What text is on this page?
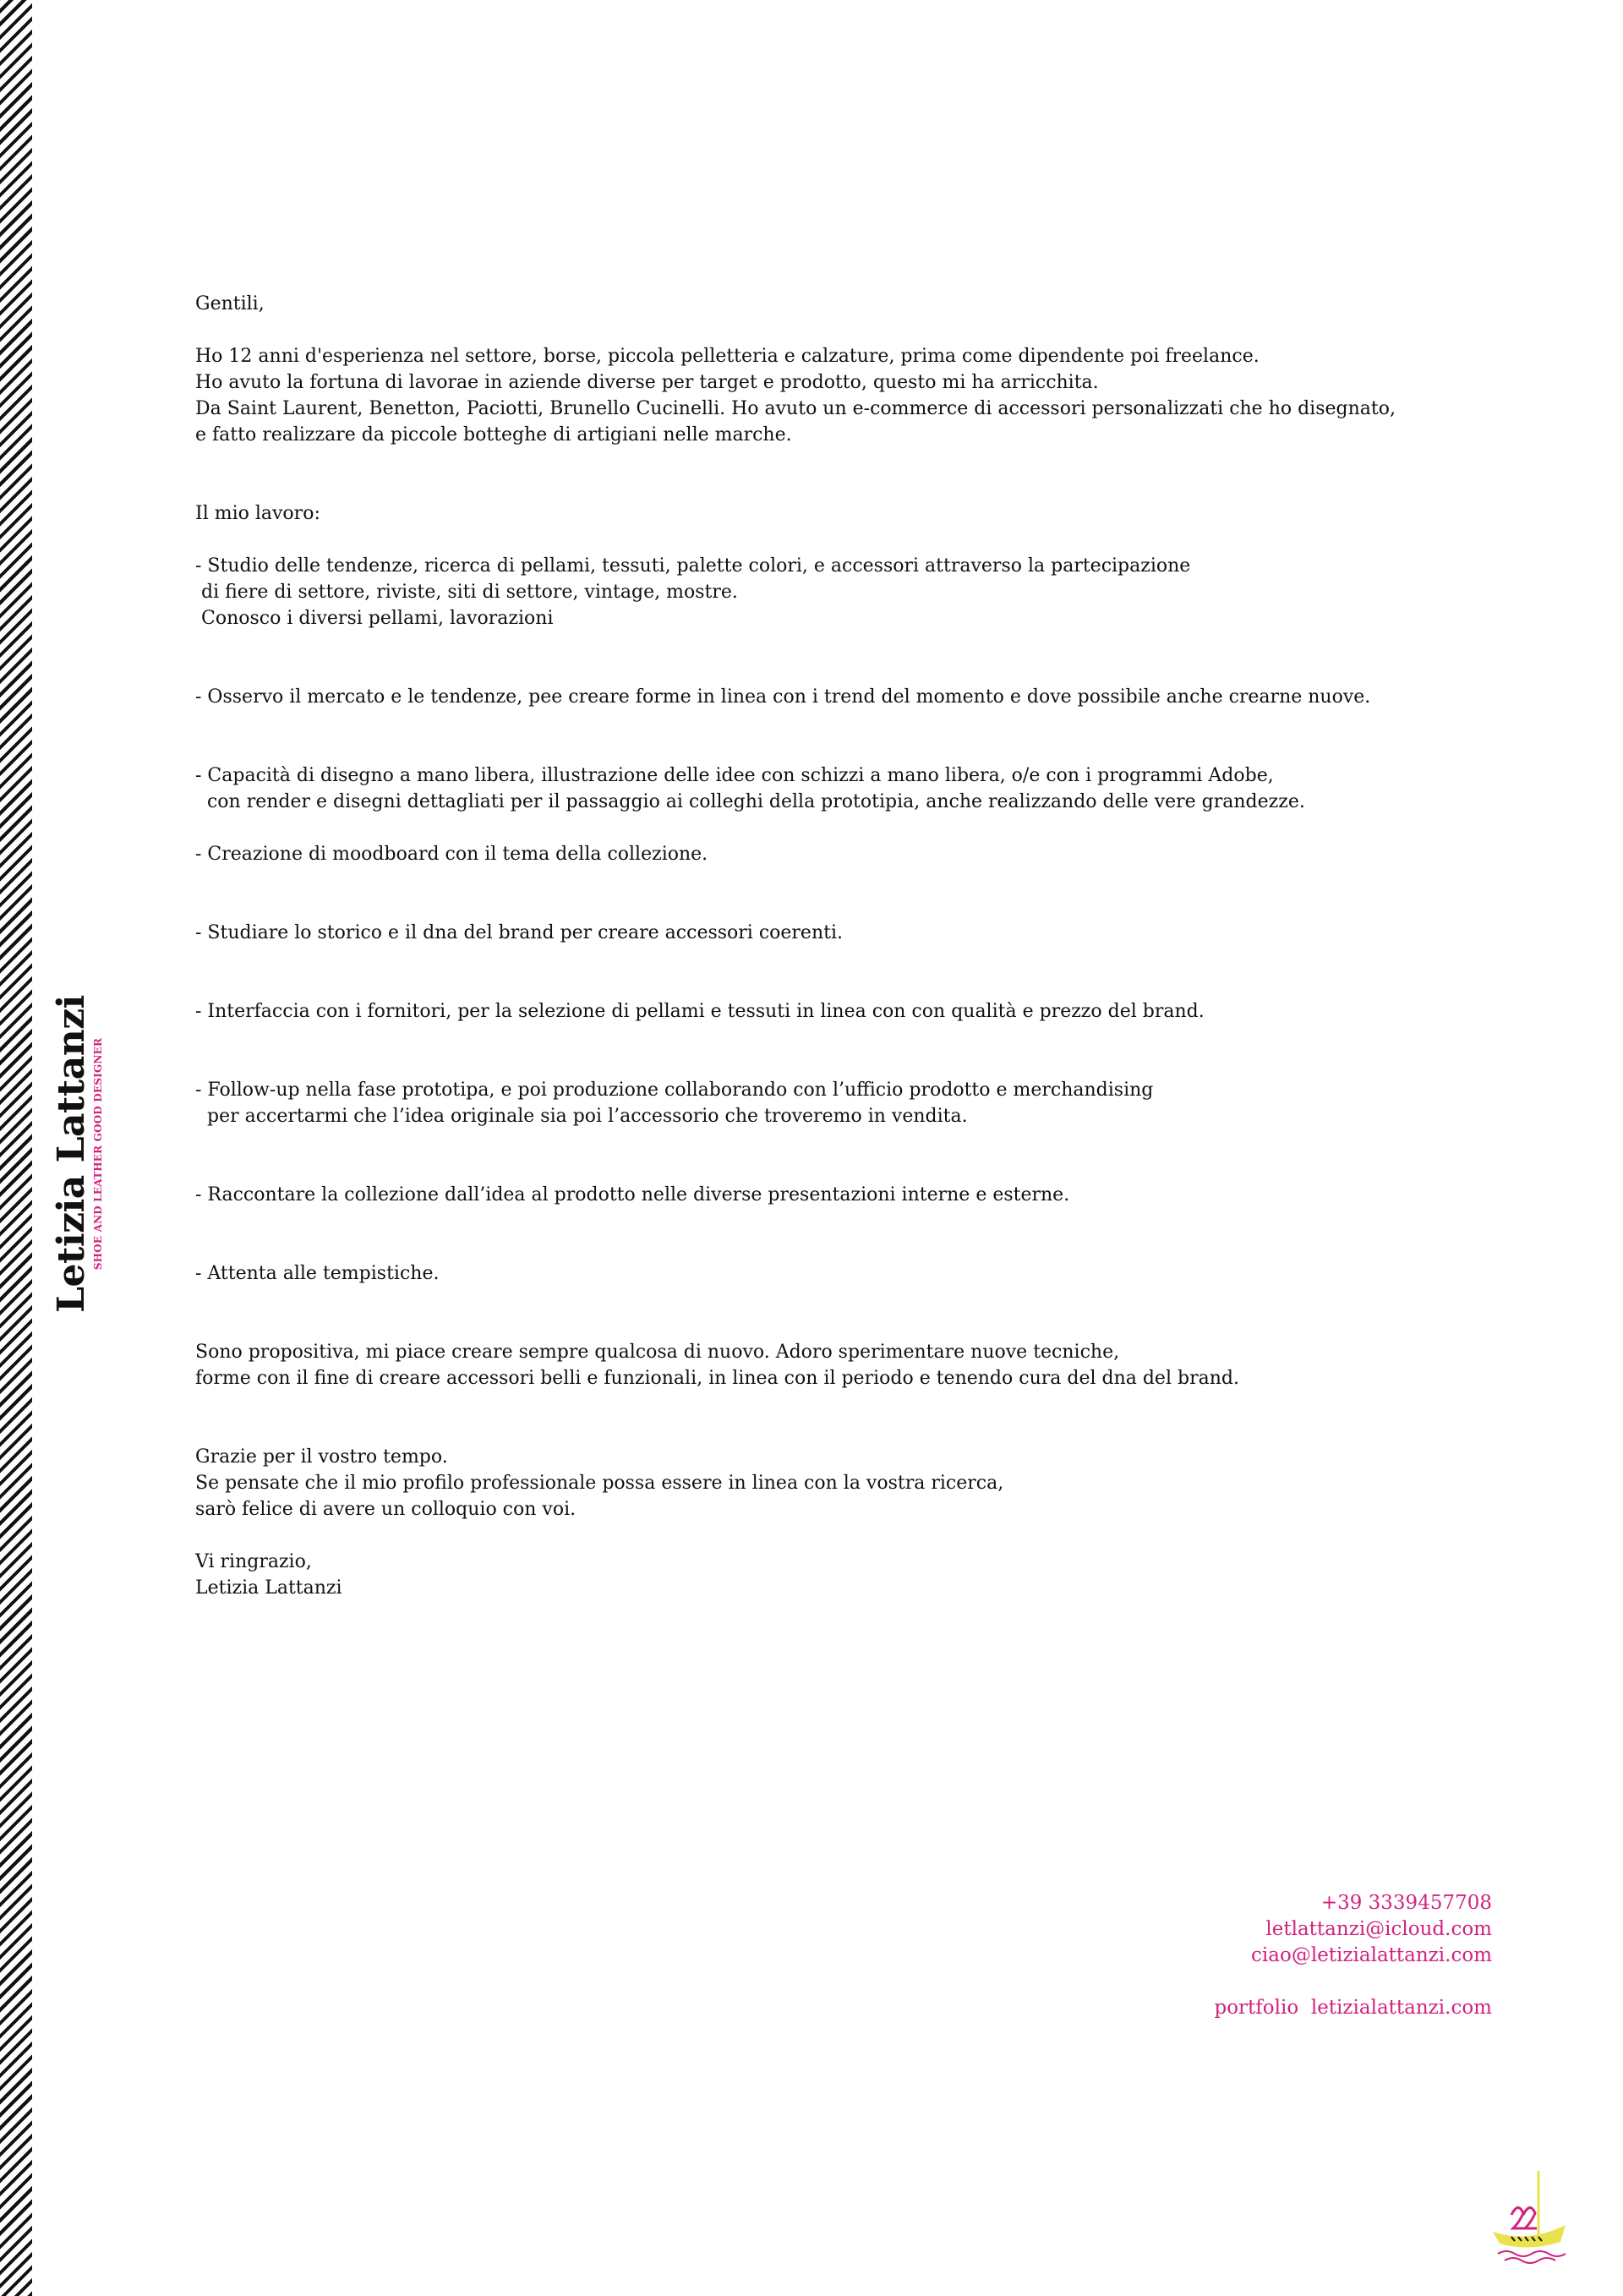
Letizia Lattanzi SHOE AND LEATHER GOOD DESIGNER
Gentili,
Ho 12 anni d'esperienza nel settore, borse, piccola pelletteria e calzature, prima come dipendente poi freelance.
Ho avuto la fortuna di lavorae in aziende diverse per target e prodotto, questo mi ha arricchita.
Da Saint Laurent, Benetton, Paciotti, Brunello Cucinelli. Ho avuto un e-commerce di accessori personalizzati che ho disegnato,
e fatto realizzare da piccole botteghe di artigiani nelle marche.
Il mio lavoro:
- Studio delle tendenze, ricerca di pellami, tessuti, palette colori, e accessori attraverso la partecipazione
di fiere di settore, riviste, siti di settore, vintage, mostre.
Conosco i diversi pellami, lavorazioni
- Osservo il mercato e le tendenze, pee creare forme in linea con i trend del momento e dove possibile anche crearne nuove.
- Capacità di disegno a mano libera, illustrazione delle idee con schizzi a mano libera, o/e con i programmi Adobe,
con render e disegni dettagliati per il passaggio ai colleghi della prototipia, anche realizzando delle vere grandezze.
- Creazione di moodboard con il tema della collezione.
- Studiare lo storico e il dna del brand per creare accessori coerenti.
- Interfaccia con i fornitori, per la selezione di pellami e tessuti in linea con con qualità e prezzo del brand.
- Follow-up nella fase prototipa, e poi produzione collaborando con l’ufficio prodotto e merchandising
per accertarmi che l’idea originale sia poi l’accessorio che troveremo in vendita.
- Raccontare la collezione dall’idea al prodotto nelle diverse presentazioni interne e esterne.
- Attenta alle tempistiche.
Sono propositiva, mi piace creare sempre qualcosa di nuovo. Adoro sperimentare nuove tecniche,
forme con il fine di creare accessori belli e funzionali, in linea con il periodo e tenendo cura del dna del brand.
Grazie per il vostro tempo.
Se pensate che il mio profilo professionale possa essere in linea con la vostra ricerca,
sarò felice di avere un colloquio con voi.
Vi ringrazio,
Letizia Lattanzi
+39 3339457708
letlattanzi@icloud.com
ciao@letizialattanzi.com

portfolio  letizialattanzi.com
